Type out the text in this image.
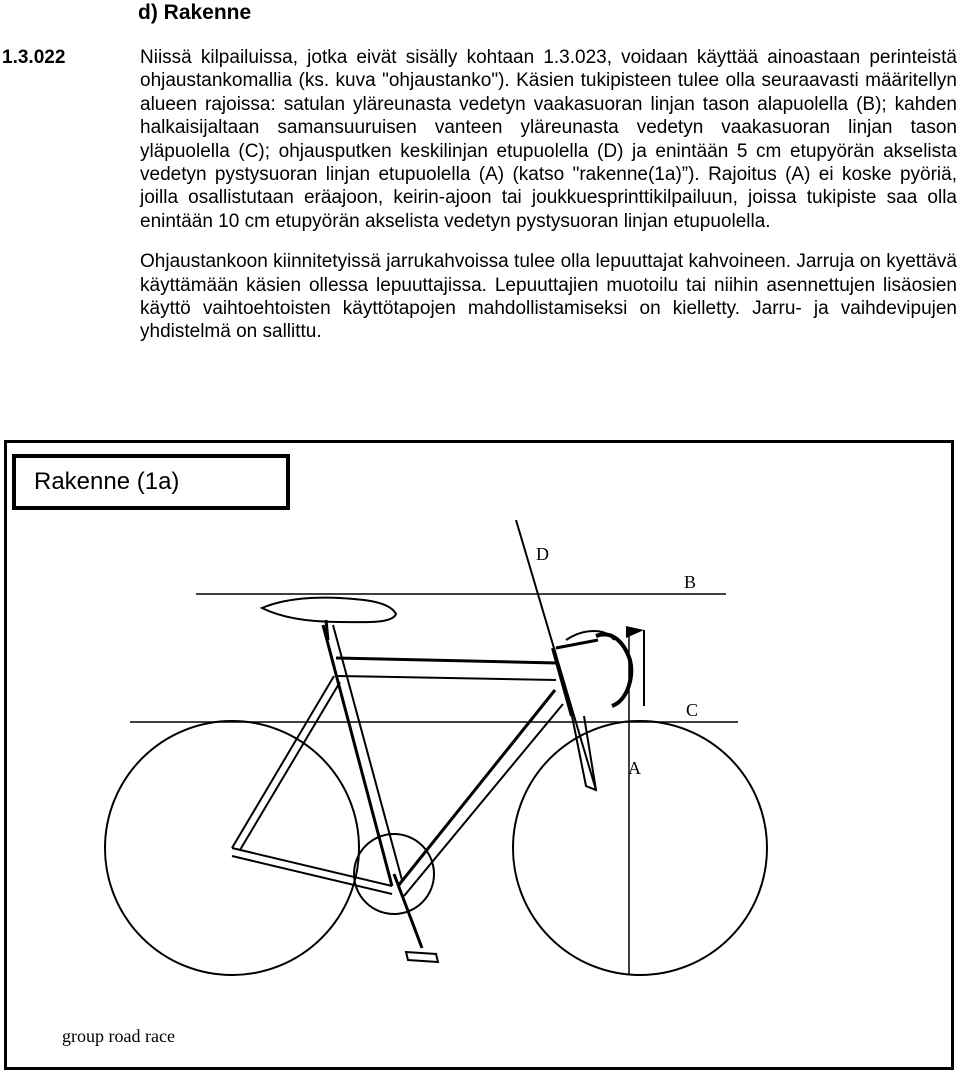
d) Rakenne
1.3.022	Niissä kilpailuissa, jotka eivät sisälly kohtaan 1.3.023, voidaan käyttää ainoastaan perinteistä ohjaustankomallia (ks. kuva "ohjaustanko"). Käsien tukipisteen tulee olla seuraavasti määritellyn alueen rajoissa: satulan yläreunasta vedetyn vaakasuoran linjan tason alapuolella (B); kahden halkaisijaltaan samansuuruisen vanteen yläreunasta vedetyn vaakasuoran linjan tason yläpuolella (C); ohjausputken keskilinjan etupuolella (D) ja enintään 5 cm etupyörän akselista vedetyn pystysuoran linjan etupuolella (A) (katso "rakenne(1a)”). Rajoitus (A) ei koske pyöriä, joilla osallistutaan eräajoon, keirin-ajoon tai joukkuesprinttikilpailuun, joissa tukipiste saa olla enintään 10 cm etupyörän akselista vedetyn pystysuoran linjan etupuolella.

Ohjaustankoon kiinnitetyissä jarrukahvoissa tulee olla lepuuttajat kahvoineen. Jarruja on kyettävä käyttämään käsien ollessa lepuuttajissa. Lepuuttajien muotoilu tai niihin asennettujen lisäosien käyttö vaihtoehtoisten käyttötapojen mahdollistamiseksi on kielletty. Jarru- ja vaihdevipujen yhdistelmä on sallittu.

D
B
C
A
group road race
Rakenne (1a)
